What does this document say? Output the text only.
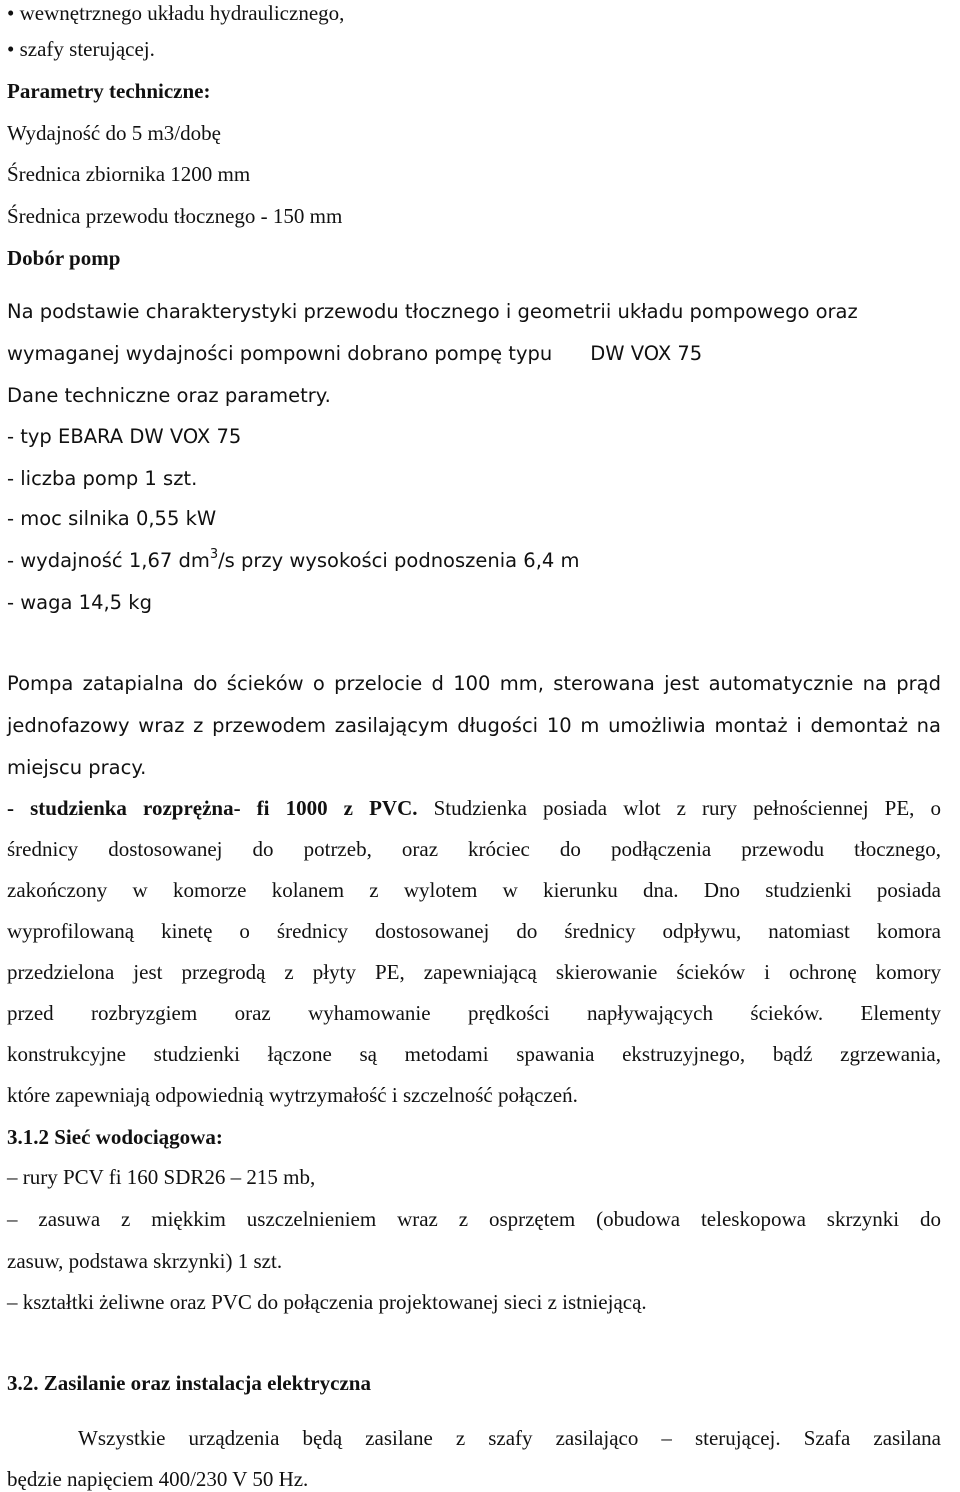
• wewnętrznego układu hydraulicznego,
• szafy sterującej.
Parametry techniczne:
Wydajność do 5 m3/dobę
Średnica zbiornika 1200 mm
Średnica przewodu tłocznego - 150 mm
Dobór pomp
Na podstawie charakterystyki przewodu tłocznego i geometrii układu pompowego oraz
wymaganej wydajności pompowni dobrano pompę typu DW VOX 75
Dane techniczne oraz parametry.
- typ EBARA DW VOX 75
- liczba pomp 1 szt.
- moc silnika 0,55 kW
- wydajność 1,67 $dm^3/s$ przy wysokości podnoszenia 6,4 m
- waga 14,5 kg
Pompa zatapialna do ścieków o przelocie d 100 mm, sterowana jest automatycznie na prąd
jednofazowy wraz z przewodem zasilającym długości 10 m umożliwia montaż i demontaż na
miejscu pracy.
- studzienka rozprężna- fi 1000 z PVC. Studzienka posiada wlot z rury pełnościennej PE, o
średnicy dostosowanej do potrzeb, oraz króciec do podłączenia przewodu tłocznego,
zakończony w komorze kolanem z wylotem w kierunku dna. Dno studzienki posiada
wyprofilowaną kinetę o średnicy dostosowanej do średnicy odpływu, natomiast komora
przedzielona jest przegrodą z płyty PE, zapewniającą skierowanie ścieków i ochronę komory
przed rozbryzgiem oraz wyhamowanie prędkości napływających ścieków. Elementy
konstrukcyjne studzienki łączone są metodami spawania ekstruzyjnego, bądź zgrzewania,
które zapewniają odpowiednią wytrzymałość i szczelność połączeń.
3.1.2 Sieć wodociągowa:
– rury PCV fi 160 SDR26 – 215 mb,
– zasuwa z miękkim uszczelnieniem wraz z osprzętem (obudowa teleskopowa skrzynki do
zasuw, podstawa skrzynki) 1 szt.
– kształtki żeliwne oraz PVC do połączenia projektowanej sieci z istniejącą.
3.2. Zasilanie oraz instalacja elektryczna
Wszystkie urządzenia będą zasilane z szafy zasilająco – sterującej. Szafa zasilana
będzie napięciem 400/230 V 50 Hz.
